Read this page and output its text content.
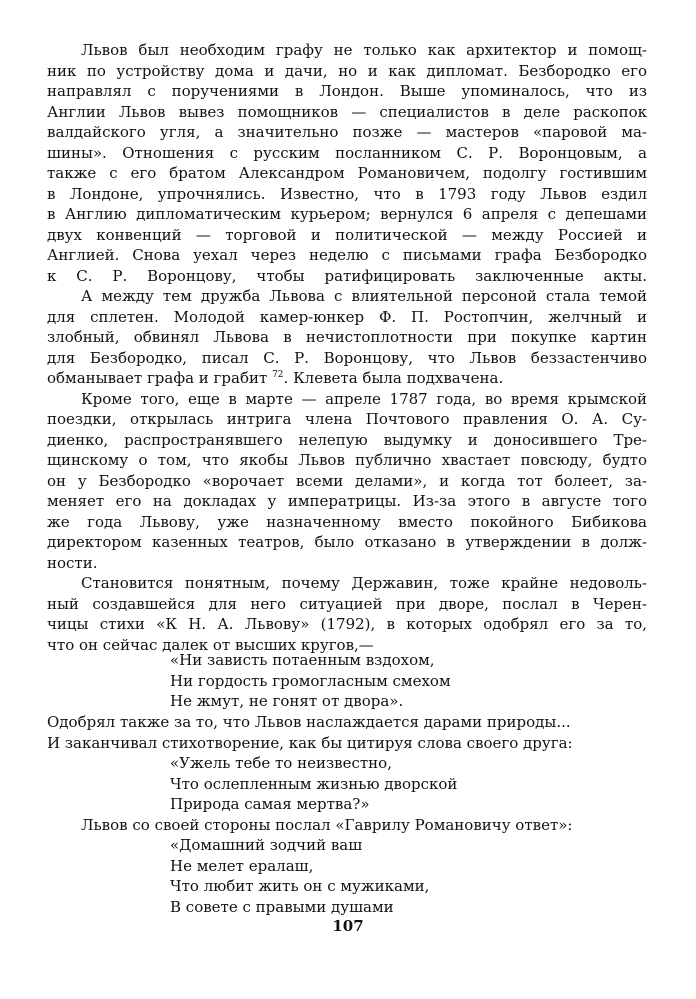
Львов был необходим графу не только как архитектор и помощ-
ник по устройству дома и дачи, но и как дипломат. Безбородко его
направлял с поручениями в Лондон. Выше упоминалось, что из
Англии Львов вывез помощников — специалистов в деле раскопок
валдайского угля, а значительно позже — мастеров «паровой ма-
шины». Отношения с русским посланником С. Р. Воронцовым, а
также с его братом Александром Романовичем, подолгу гостившим
в Лондоне, упрочнялись. Известно, что в 1793 году Львов ездил
в Англию дипломатическим курьером; вернулся 6 апреля с депешами
двух конвенций — торговой и политической — между Россией и
Англией. Снова уехал через неделю с письмами графа Безбородко
к С. Р. Воронцову, чтобы ратифицировать заключенные акты.
А между тем дружба Львова с влиятельной персоной стала темой
для сплетен. Молодой камер-юнкер Ф. П. Ростопчин, желчный и
злобный, обвинял Львова в нечистоплотности при покупке картин
для Безбородко, писал С. Р. Воронцову, что Львов беззастенчиво
обманывает графа и грабит $^{72}$. Клевета была подхвачена.
Кроме того, еще в марте — апреле 1787 года, во время крымской
поездки, открылась интрига члена Почтового правления О. А. Су-
диенко, распространявшего нелепую выдумку и доносившего Тре-
щинскому о том, что якобы Львов публично хвастает повсюду, будто
он у Безбородко «ворочает всеми делами», и когда тот болеет, за-
меняет его на докладах у императрицы. Из-за этого в августе того
же года Львову, уже назначенному вместо покойного Бибикова
директором казенных театров, было отказано в утверждении в долж-
ности.
Становится понятным, почему Державин, тоже крайне недоволь-
ный создавшейся для него ситуацией при дворе, послал в Черен-
чицы стихи «К Н. А. Львову» (1792), в которых одобрял его за то,
что он сейчас далек от высших кругов,—
«Ни зависть потаенным вздохом,
Ни гордость громогласным смехом
Не жмут, не гонят от двора».
Одобрял также за то, что Львов наслаждается дарами природы...
И заканчивал стихотворение, как бы цитируя слова своего друга:
«Ужель тебе то неизвестно,
Что ослепленным жизнью дворской
Природа самая мертва?»
Львов со своей стороны послал «Гаврилу Романовичу ответ»:
«Домашний зодчий ваш
Не мелет ералаш,
Что любит жить он с мужиками,
В совете с правыми душами
107
